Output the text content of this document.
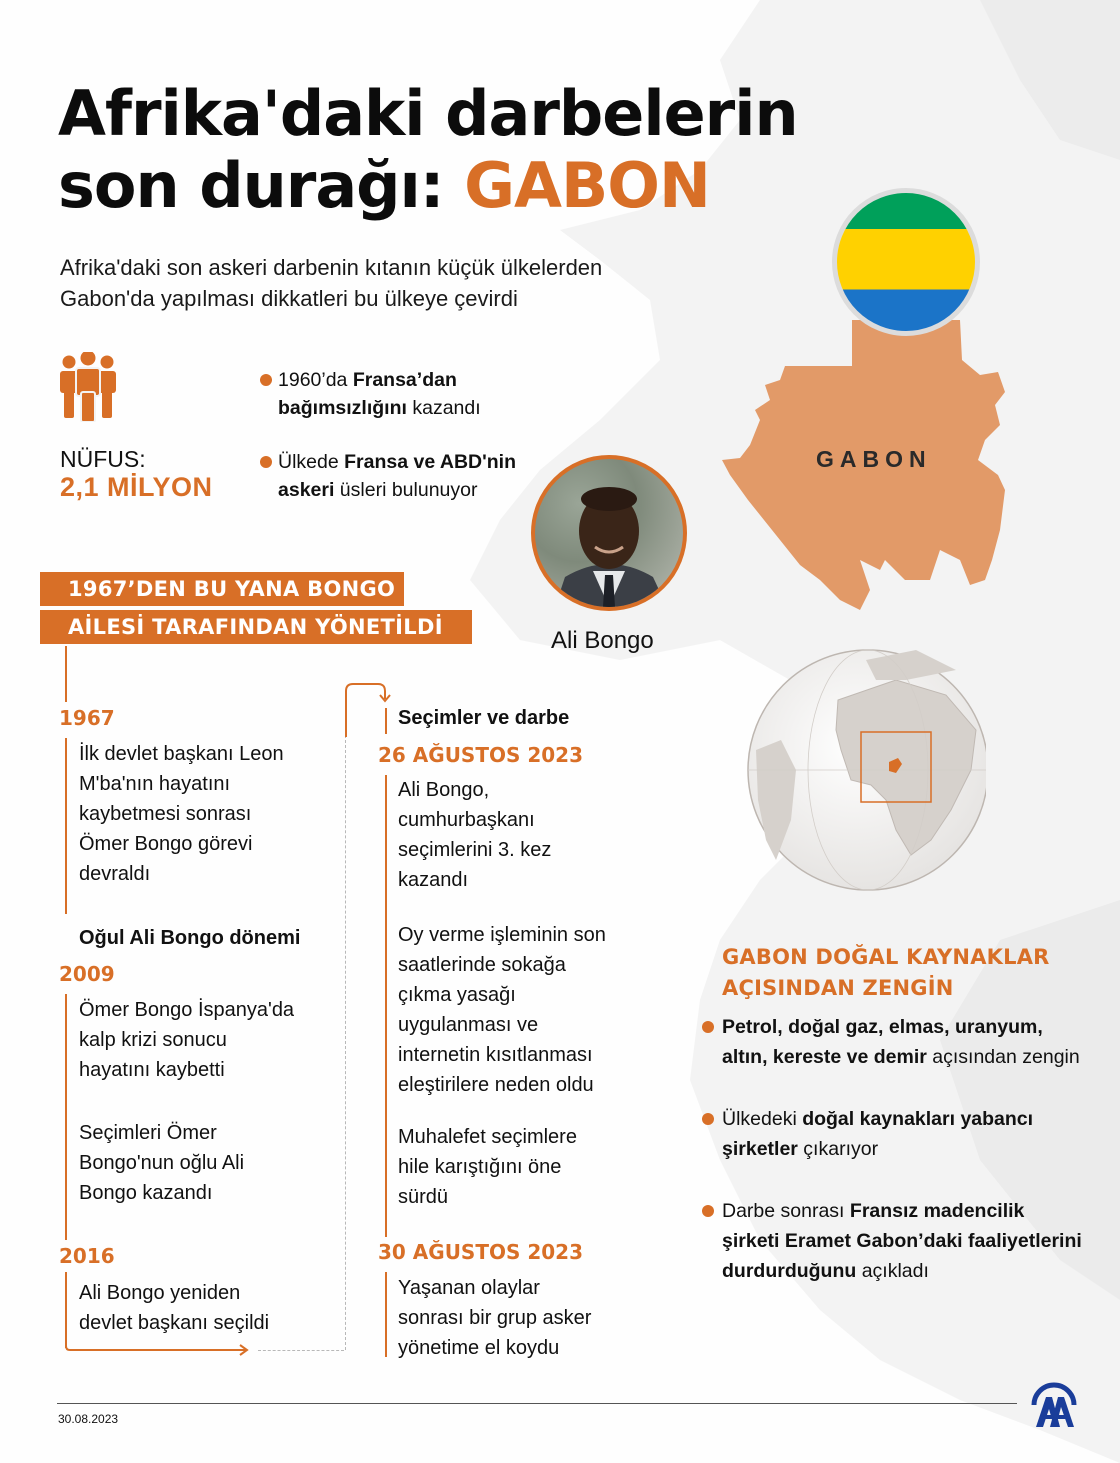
Afrika'daki darbelerin
son durağı: GABON
Afrika'daki son askeri darbenin kıtanın küçük ülkelerden
Gabon'da yapılması dikkatleri bu ülkeye çevirdi
NÜFUS:
2,1 MİLYON
1960’da Fransa’dan bağımsızlığını kazandı
Ülkede Fransa ve ABD'nin askeri üsleri bulunuyor
Ali Bongo
1967’DEN BU YANA BONGO
AİLESİ TARAFINDAN YÖNETİLDİ
1967
İlk devlet başkanı Leon
M'ba'nın hayatını
kaybetmesi sonrası
Ömer Bongo görevi
devraldı
Oğul Ali Bongo dönemi
2009
Ömer Bongo İspanya'da
kalp krizi sonucu
hayatını kaybetti
Seçimleri Ömer
Bongo'nun oğlu Ali
Bongo kazandı
2016
Ali Bongo yeniden
devlet başkanı seçildi
Seçimler ve darbe
26 AĞUSTOS 2023
Ali Bongo,
cumhurbaşkanı
seçimlerini 3. kez
kazandı
Oy verme işleminin son
saatlerinde sokağa
çıkma yasağı
uygulanması ve
internetin kısıtlanması
eleştirilere neden oldu
Muhalefet seçimlere
hile karıştığını öne
sürdü
30 AĞUSTOS 2023
Yaşanan olaylar
sonrası bir grup asker
yönetime el koydu
GABON
GABON DOĞAL KAYNAKLAR
AÇISINDAN ZENGİN
Petrol, doğal gaz, elmas, uranyum, altın, kereste ve demir açısından zengin
Ülkedeki doğal kaynakları yabancı şirketler çıkarıyor
Darbe sonrası Fransız madencilik şirketi Eramet Gabon’daki faaliyetlerini durdurduğunu açıkladı
30.08.2023
